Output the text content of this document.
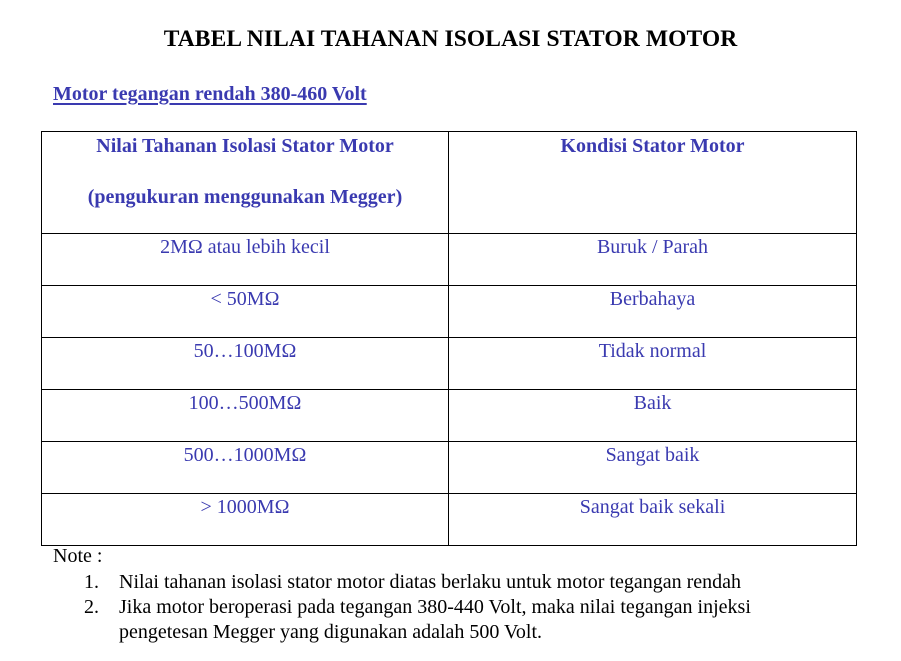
TABEL NILAI TAHANAN ISOLASI STATOR MOTOR
Motor tegangan rendah 380-460 Volt
Nilai Tahanan Isolasi Stator Motor
(pengukuran menggunakan Megger)	Kondisi Stator Motor

2MΩ atau lebih kecil	Buruk / Parah
< 50MΩ	Berbahaya
50…100MΩ	Tidak normal
100…500MΩ	Baik
500…1000MΩ	Sangat baik
> 1000MΩ	Sangat baik sekali
Note :
1. Nilai tahanan isolasi stator motor diatas berlaku untuk motor tegangan rendah
2. Jika motor beroperasi pada tegangan 380-440 Volt, maka nilai tegangan injeksi pengetesan Megger yang digunakan adalah 500 Volt.
